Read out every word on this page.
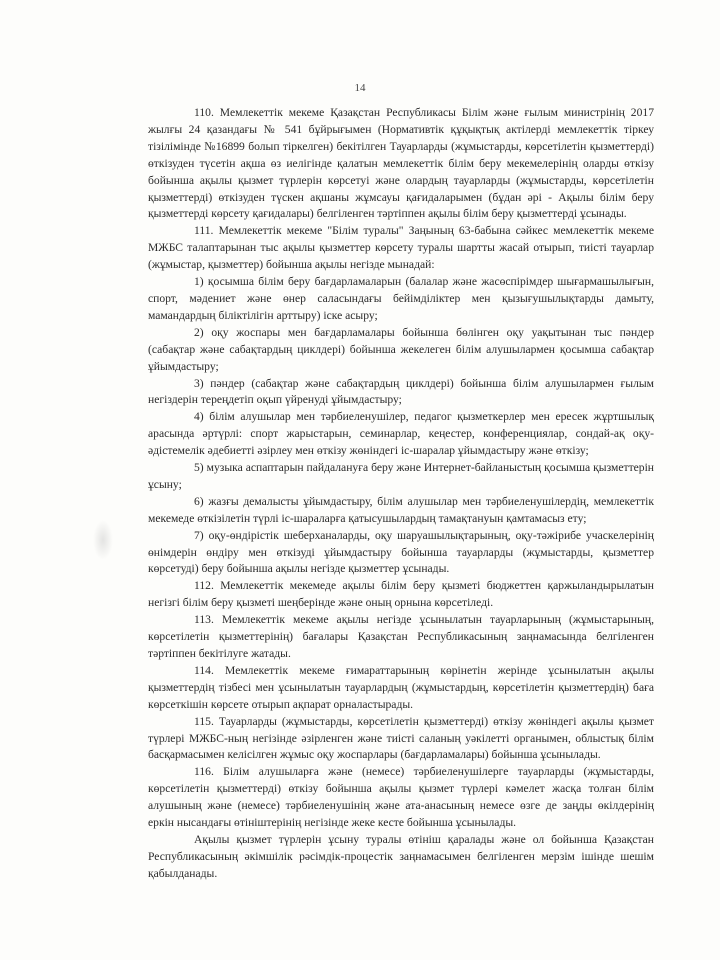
14

110. Мемлекеттік мекеме Қазақстан Республикасы Білім және ғылым министрінің 2017 жылғы 24 қазандағы № 541 бұйрығымен (Нормативтік құқықтық актілерді мемлекеттік тіркеу тізілімінде №16899 болып тіркелген) бекітілген Тауарларды (жұмыстарды, көрсетілетін қызметтерді) өткізуден түсетін ақша өз иелігінде қалатын мемлекеттік білім беру мекемелерінің оларды өткізу бойынша ақылы қызмет түрлерін көрсетуі және олардың тауарларды (жұмыстарды, көрсетілетін қызметтерді) өткізуден түскен ақшаны жұмсауы қағидаларымен (бұдан әрі - Ақылы білім беру қызметтерді көрсету қағидалары) белгіленген тәртіппен ақылы білім беру қызметтерді ұсынады.

111. Мемлекеттік мекеме "Білім туралы" Заңының 63-бабына сәйкес мемлекеттік мекеме МЖБС талаптарынан тыс ақылы қызметтер көрсету туралы шартты жасай отырып, тиісті тауарлар (жұмыстар, қызметтер) бойынша ақылы негізде мынадай:

1) қосымша білім беру бағдарламаларын (балалар және жасөспірімдер шығармашылығын, спорт, мәдениет және өнер саласындағы бейімділіктер мен қызығушылықтарды дамыту, мамандардың біліктілігін арттыру) іске асыру;

2) оқу жоспары мен бағдарламалары бойынша бөлінген оқу уақытынан тыс пәндер (сабақтар және сабақтардың циклдері) бойынша жекелеген білім алушылармен қосымша сабақтар ұйымдастыру;

3) пәндер (сабақтар және сабақтардың циклдері) бойынша білім алушылармен ғылым негіздерін тереңдетіп оқып үйренуді ұйымдастыру;

4) білім алушылар мен тәрбиеленушілер, педагог қызметкерлер мен ересек жұртшылық арасында әртүрлі: спорт жарыстарын, семинарлар, кеңестер, конференциялар, сондай-ақ оқу-әдістемелік әдебиетті әзірлеу мен өткізу жөніндегі іс-шаралар ұйымдастыру және өткізу;

5) музыка аспаптарын пайдалануға беру және Интернет-байланыстың қосымша қызметтерін ұсыну;

6) жазғы демалысты ұйымдастыру, білім алушылар мен тәрбиеленушілердің, мемлекеттік мекемеде өткізілетін түрлі іс-шараларға қатысушылардың тамақтануын қамтамасыз ету;

7) оқу-өндірістік шеберханаларды, оқу шаруашылықтарының, оқу-тәжірибе учаскелерінің өнімдерін өндіру мен өткізуді ұйымдастыру бойынша тауарларды (жұмыстарды, қызметтер көрсетуді) беру бойынша ақылы негізде қызметтер ұсынады.

112. Мемлекеттік мекемеде ақылы білім беру қызметі бюджеттен қаржыландырылатын негізгі білім беру қызметі шеңберінде және оның орнына көрсетіледі.

113. Мемлекеттік мекеме ақылы негізде ұсынылатын тауарларының (жұмыстарының, көрсетілетін қызметтерінің) бағалары Қазақстан Республикасының заңнамасында белгіленген тәртіппен бекітілуге жатады.

114. Мемлекеттік мекеме ғимараттарының көрінетін жерінде ұсынылатын ақылы қызметтердің тізбесі мен ұсынылатын тауарлардың (жұмыстардың, көрсетілетін қызметтердің) баға көрсеткішін көрсете отырып ақпарат орналастырады.

115. Тауарларды (жұмыстарды, көрсетілетін қызметтерді) өткізу жөніндегі ақылы қызмет түрлері МЖБС-ның негізінде әзірленген және тиісті саланың уәкілетті органымен, облыстық білім басқармасымен келісілген жұмыс оқу жоспарлары (бағдарламалары) бойынша ұсынылады.

116. Білім алушыларға және (немесе) тәрбиеленушілерге тауарларды (жұмыстарды, көрсетілетін қызметтерді) өткізу бойынша ақылы қызмет түрлері кәмелет жасқа толған білім алушының және (немесе) тәрбиеленушінің және ата-анасының немесе өзге де заңды өкілдерінің еркін нысандағы өтініштерінің негізінде жеке кесте бойынша ұсынылады.

Ақылы қызмет түрлерін ұсыну туралы өтініш қаралады және ол бойынша Қазақстан Республикасының әкімшілік рәсімдік-процестік заңнамасымен белгіленген мерзім ішінде шешім қабылданады.
